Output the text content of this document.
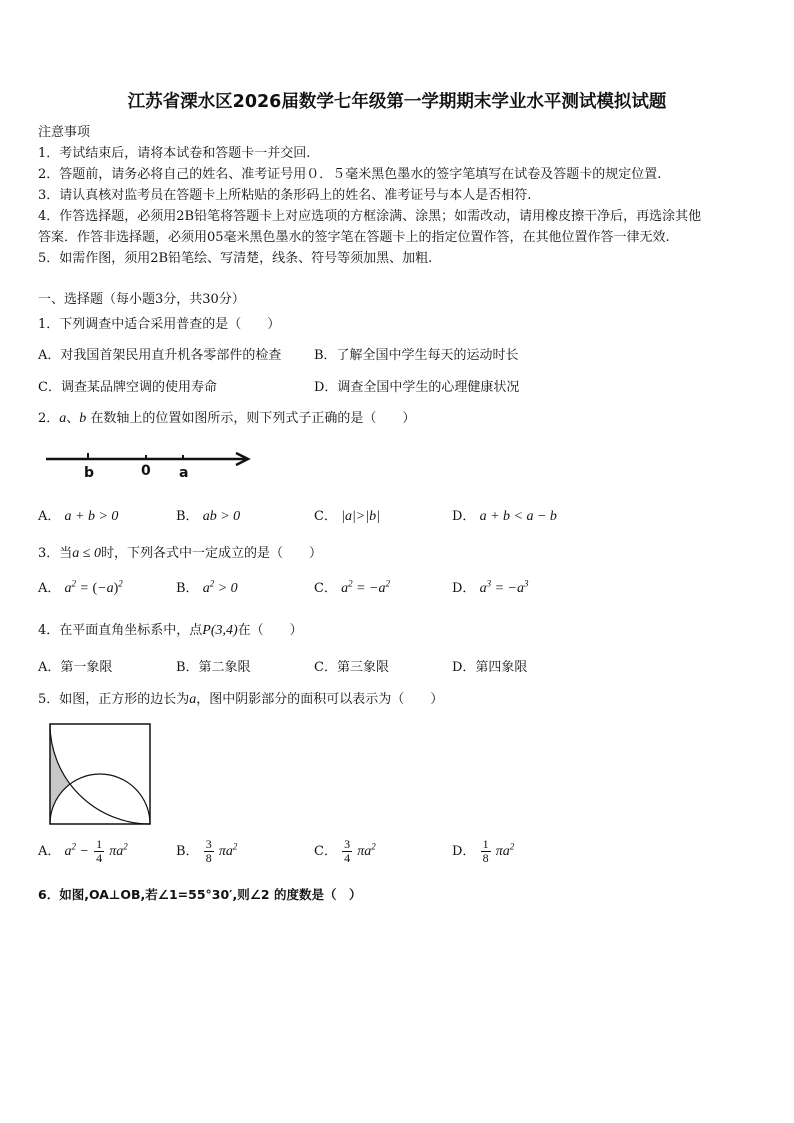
江苏省溧水区2026届数学七年级第一学期期末学业水平测试模拟试题
注意事项
1．考试结束后，请将本试卷和答题卡一并交回.
2．答题前，请务必将自己的姓名、准考证号用０．５毫米黑色墨水的签字笔填写在试卷及答题卡的规定位置.
3．请认真核对监考员在答题卡上所粘贴的条形码上的姓名、准考证号与本人是否相符.
4．作答选择题，必须用2B铅笔将答题卡上对应选项的方框涂满、涂黑；如需改动，请用橡皮擦干净后，再选涂其他
答案．作答非选择题，必须用05毫米黑色墨水的签字笔在答题卡上的指定位置作答，在其他位置作答一律无效.
5．如需作图，须用2B铅笔绘、写清楚，线条、符号等须加黑、加粗.
一、选择题（每小题3分，共30分）
1．下列调查中适合采用普查的是（　　）
A．对我国首架民用直升机各零部件的检查	B．了解全国中学生每天的运动时长
C．调查某品牌空调的使用寿命	D．调查全国中学生的心理健康状况
2．a、b 在数轴上的位置如图所示，则下列式子正确的是（　　）
b	0 a
A． a + b > 0	B． ab > 0	C． |a|>|b|	D． a + b < a − b
3．当a ≤ 0时，下列各式中一定成立的是（　　）
A． $a^2 = (-a)^2$	B． $a^2 > 0$	C． $a^2 = -a^2$	D． $a^3 = -a^3$
4．在平面直角坐标系中，点P(3,4)在（　　）
A．第一象限	B．第二象限	C．第三象限	D．第四象限
5．如图，正方形的边长为a，图中阴影部分的面积可以表示为（　　）
A． $a^2 - \frac{1}{4} \pi a^2$	B． $\frac{3}{8} \pi a^2$	C． $\frac{3}{4} \pi a^2$	D． $\frac{1}{8} \pi a^2$
6．如图,OA⊥OB,若∠1=55°30′,则∠2 的度数是（　）
